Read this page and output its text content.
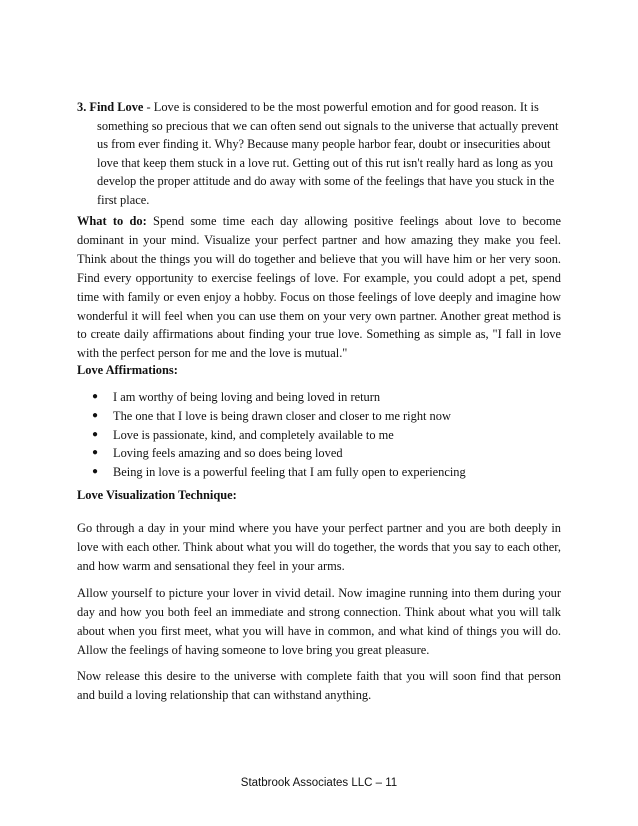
3. Find Love - Love is considered to be the most powerful emotion and for good reason. It is
something so precious that we can often send out signals to the universe that actually prevent us from ever finding it. Why? Because many people harbor fear, doubt or insecurities about love that keep them stuck in a love rut. Getting out of this rut isn't really hard as long as you develop the proper attitude and do away with some of the feelings that have you stuck in the first place.
What to do: Spend some time each day allowing positive feelings about love to become dominant in your mind. Visualize your perfect partner and how amazing they make you feel. Think about the things you will do together and believe that you will have him or her very soon. Find every opportunity to exercise feelings of love. For example, you could adopt a pet, spend time with family or even enjoy a hobby. Focus on those feelings of love deeply and imagine how wonderful it will feel when you can use them on your very own partner. Another great method is to create daily affirmations about finding your true love. Something as simple as, "I fall in love with the perfect person for me and the love is mutual."
Love Affirmations:
● I am worthy of being loving and being loved in return
● The one that I love is being drawn closer and closer to me right now
● Love is passionate, kind, and completely available to me
● Loving feels amazing and so does being loved
● Being in love is a powerful feeling that I am fully open to experiencing
Love Visualization Technique:
Go through a day in your mind where you have your perfect partner and you are both deeply in love with each other. Think about what you will do together, the words that you say to each other, and how warm and sensational they feel in your arms.
Allow yourself to picture your lover in vivid detail. Now imagine running into them during your day and how you both feel an immediate and strong connection. Think about what you will talk about when you first meet, what you will have in common, and what kind of things you will do. Allow the feelings of having someone to love bring you great pleasure.
Now release this desire to the universe with complete faith that you will soon find that person and build a loving relationship that can withstand anything.
Statbrook Associates LLC – 11
